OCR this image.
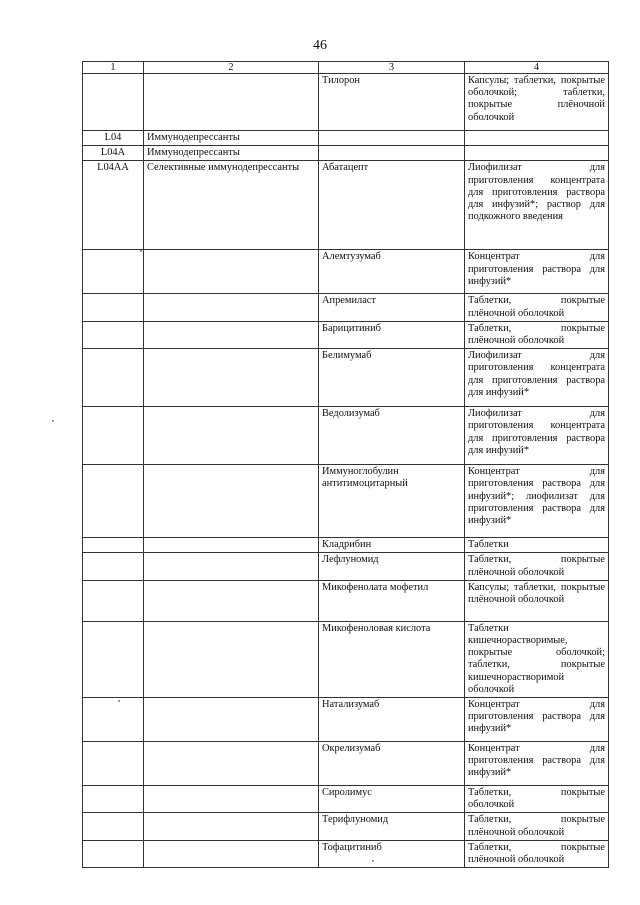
46
1	2	3	4
		Тилорон	Капсулы; таблетки, покрытые оболочкой; таблетки, покрытые плёночной оболочкой
L04	Иммунодепрессанты		
L04A	Иммунодепрессанты		
L04AA	Селективные иммунодепрессанты	Абатацепт	Лиофилизат для приготовления концентрата для приготовления раствора для инфузий*; раствор для подкожного введения
		Алемтузумаб	Концентрат для приготовления раствора для инфузий*
		Апремиласт	Таблетки, покрытые плёночной оболочкой
		Барицитиниб	Таблетки, покрытые плёночной оболочкой
		Белимумаб	Лиофилизат для приготовления концентрата для приготовления раствора для инфузий*
		Ведолизумаб	Лиофилизат для приготовления концентрата для приготовления раствора для инфузий*
		Иммуноглобулин антитимоцитарный	Концентрат для приготовления раствора для инфузий*; лиофилизат для приготовления раствора для инфузий*
		Кладрибин	Таблетки
		Лефлуномид	Таблетки, покрытые плёночной оболочкой
		Микофенолата мофетил	Капсулы; таблетки, покрытые плёночной оболочкой
		Микофеноловая кислота	Таблетки кишечнорастворимые, покрытые оболочкой; таблетки, покрытые кишечнорастворимой оболочкой
		Натализумаб	Концентрат для приготовления раствора для инфузий*
		Окрелизумаб	Концентрат для приготовления раствора для инфузий*
		Сиролимус	Таблетки, покрытые оболочкой
		Терифлуномид	Таблетки, покрытые плёночной оболочкой
		Тофацитиниб	Таблетки, покрытые плёночной оболочкой
